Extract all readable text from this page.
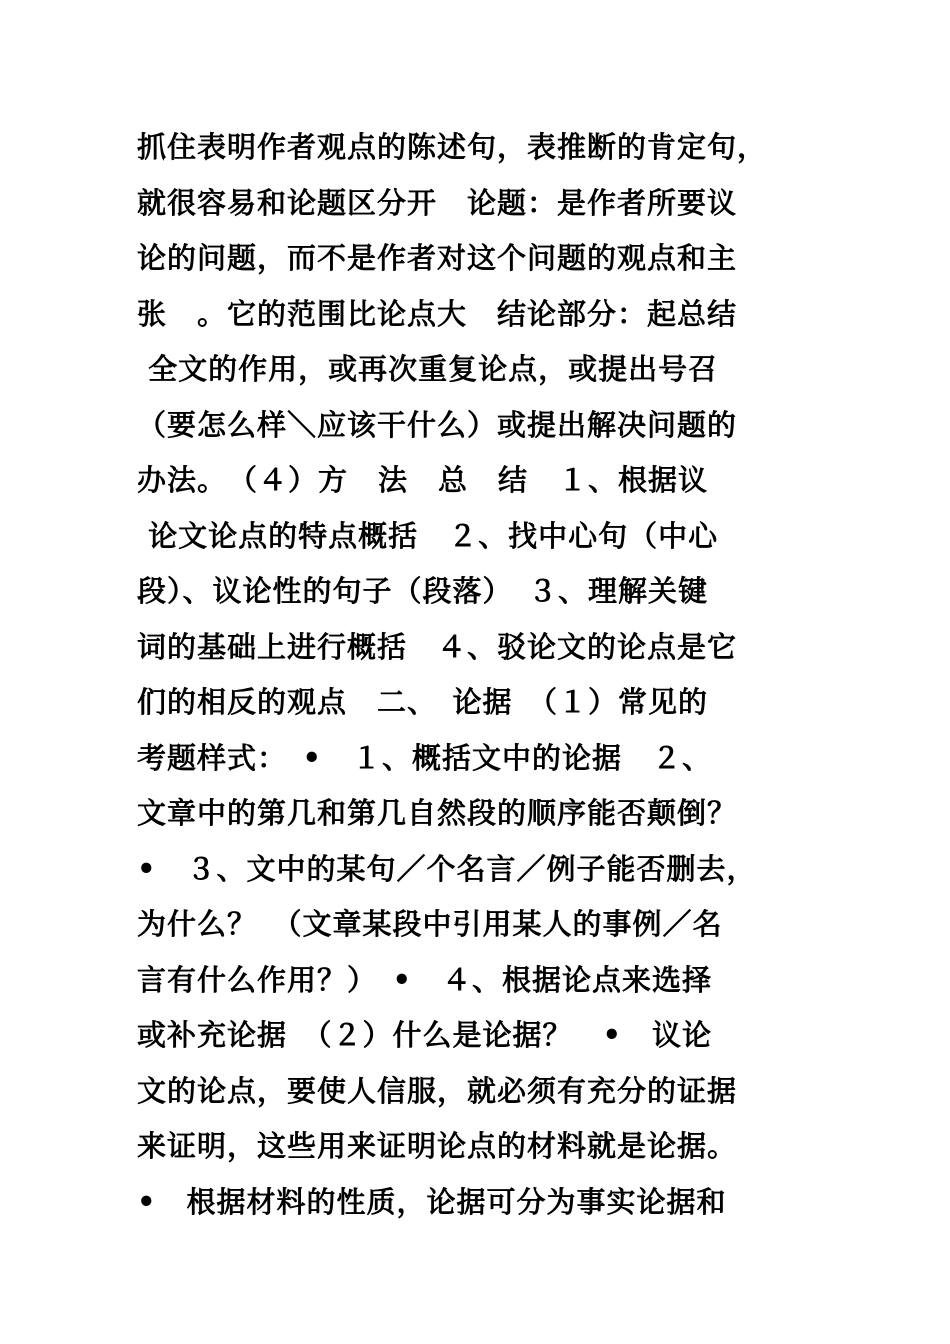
抓住表明作者观点的陈述句，表推断的肯定句，
就很容易和论题区分开　论题：是作者所要议
论的问题，而不是作者对这个问题的观点和主
张　。它的范围比论点大　结论部分：起总结
全文的作用，或再次重复论点，或提出号召
（要怎么样＼应该干什么）或提出解决问题的
办法。　（４）方　法　总　结　１、根据议
论文论点的特点概括　２、找中心句（中心
段）、议论性的句子（段落）　３、理解关键
词的基础上进行概括　４、驳论文的论点是它
们的相反的观点　二、　论据　（１）常见的
考题样式：　•　１、概括文中的论据　２、
文章中的第几和第几自然段的顺序能否颠倒？
•　３、文中的某句／个名言／例子能否删去，
为什么？　（文章某段中引用某人的事例／名
言有什么作用？）　•　４、根据论点来选择
或补充论据　（２）什么是论据？　•　议论
文的论点，要使人信服，就必须有充分的证据
来证明，这些用来证明论点的材料就是论据。
•　根据材料的性质，论据可分为事实论据和
